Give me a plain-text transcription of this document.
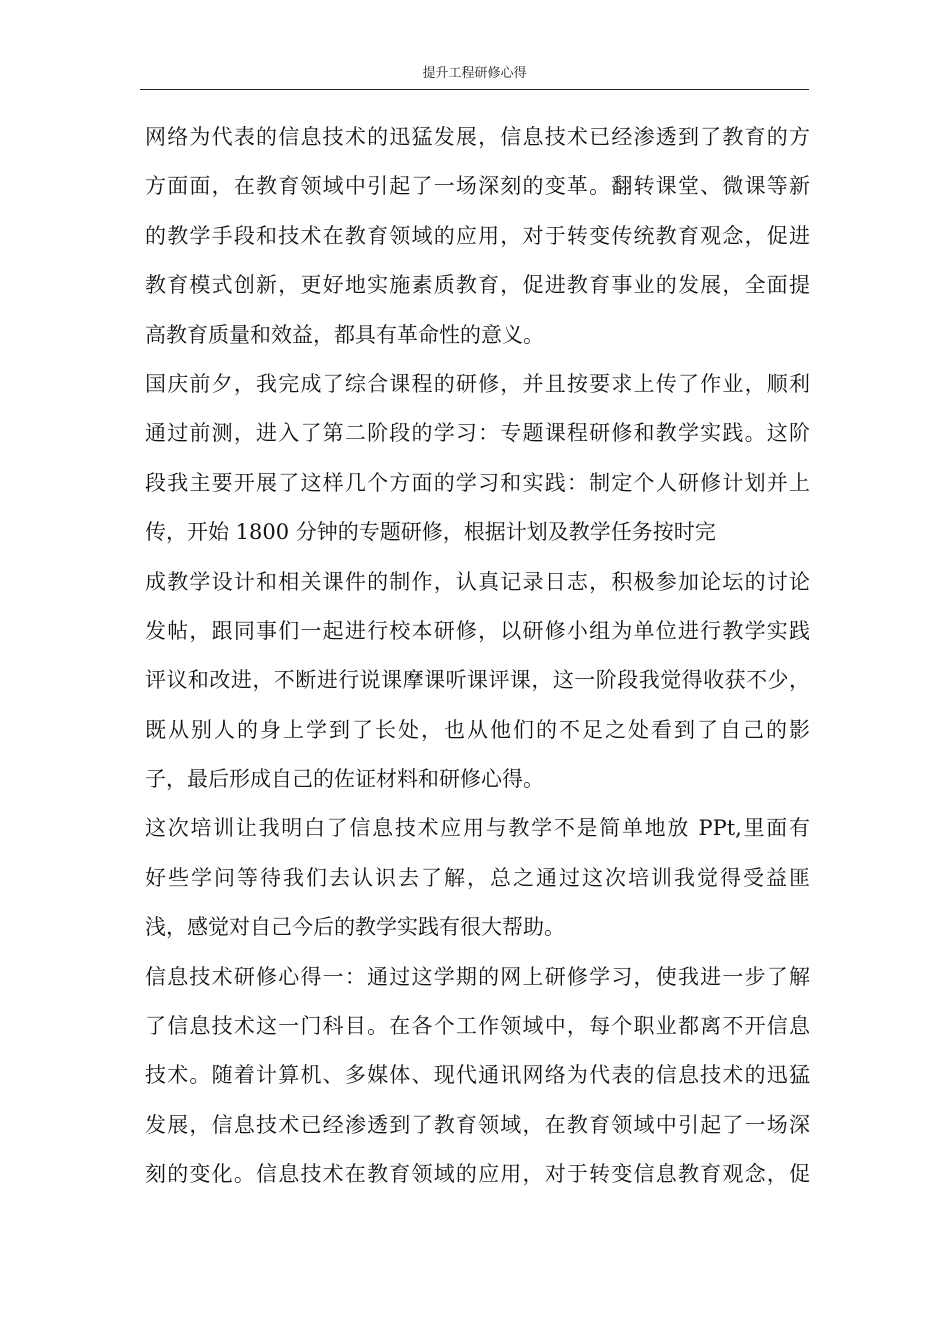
提升工程研修心得
网络为代表的信息技术的迅猛发展，信息技术已经渗透到了教育的方
方面面，在教育领域中引起了一场深刻的变革。翻转课堂、微课等新
的教学手段和技术在教育领域的应用，对于转变传统教育观念，促进
教育模式创新，更好地实施素质教育，促进教育事业的发展，全面提
高教育质量和效益，都具有革命性的意义。
国庆前夕，我完成了综合课程的研修，并且按要求上传了作业，顺利
通过前测，进入了第二阶段的学习：专题课程研修和教学实践。这阶
段我主要开展了这样几个方面的学习和实践：制定个人研修计划并上
传，开始 1800 分钟的专题研修，根据计划及教学任务按时完
成教学设计和相关课件的制作，认真记录日志，积极参加论坛的讨论
发帖，跟同事们一起进行校本研修，以研修小组为单位进行教学实践
评议和改进，不断进行说课摩课听课评课，这一阶段我觉得收获不少，
既从别人的身上学到了长处，也从他们的不足之处看到了自己的影
子，最后形成自己的佐证材料和研修心得。
这次培训让我明白了信息技术应用与教学不是简单地放 PPt,里面有
好些学问等待我们去认识去了解，总之通过这次培训我觉得受益匪
浅，感觉对自己今后的教学实践有很大帮助。
信息技术研修心得一：通过这学期的网上研修学习，使我进一步了解
了信息技术这一门科目。在各个工作领域中，每个职业都离不开信息
技术。随着计算机、多媒体、现代通讯网络为代表的信息技术的迅猛
发展，信息技术已经渗透到了教育领域，在教育领域中引起了一场深
刻的变化。信息技术在教育领域的应用，对于转变信息教育观念，促
